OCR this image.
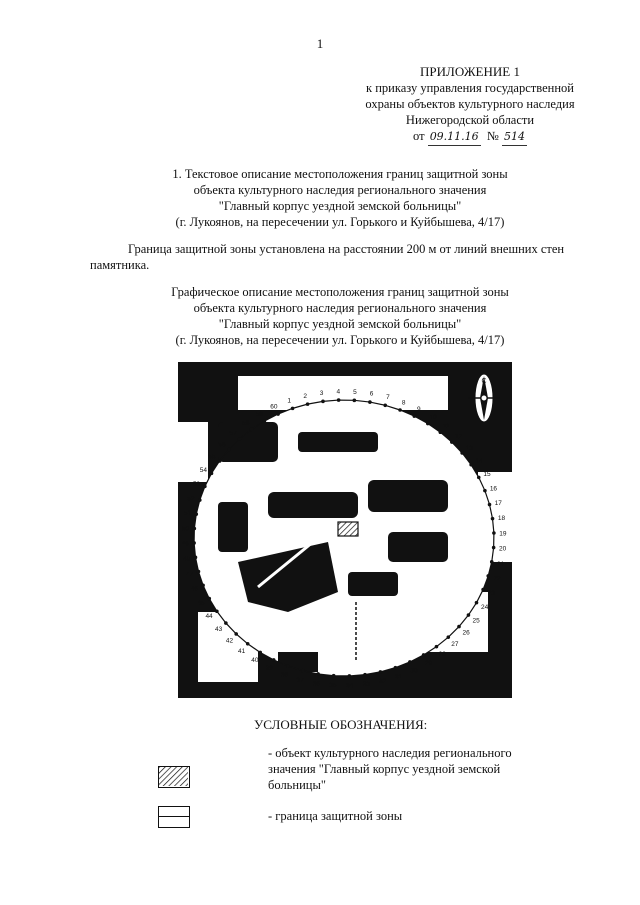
1
ПРИЛОЖЕНИЕ 1
к приказу управления государственной
охраны объектов культурного наследия
Нижегородской области
от 09.11.16 № 514
1. Текстовое описание местоположения границ защитной зоны
объекта культурного наследия регионального значения
"Главный корпус уездной земской больницы"
(г. Лукоянов, на пересечении ул. Горького и Куйбышева, 4/17)
Граница защитной зоны установлена на расстоянии 200 м от линий внешних стен
памятника.
Графическое описание местоположения границ защитной зоны
объекта культурного наследия регионального значения
"Главный корпус уездной земской больницы"
(г. Лукоянов, на пересечении ул. Горького и Куйбышева, 4/17)
1
2 3 4 5 6 7
8
9
10
11
12
13
14
15
16
17
18
19
20
21
22
23
24
25
26
27
28
29
30
31
32
33
34
35
36
37
38
39
40
41
42
43
44
45
46
47
48
49
50
51
52
53
54
55
56
57
58
59
60
С
УСЛОВНЫЕ ОБОЗНАЧЕНИЯ:
- объект культурного наследия регионального
значения "Главный корпус уездной земской
больницы"
- граница защитной зоны
